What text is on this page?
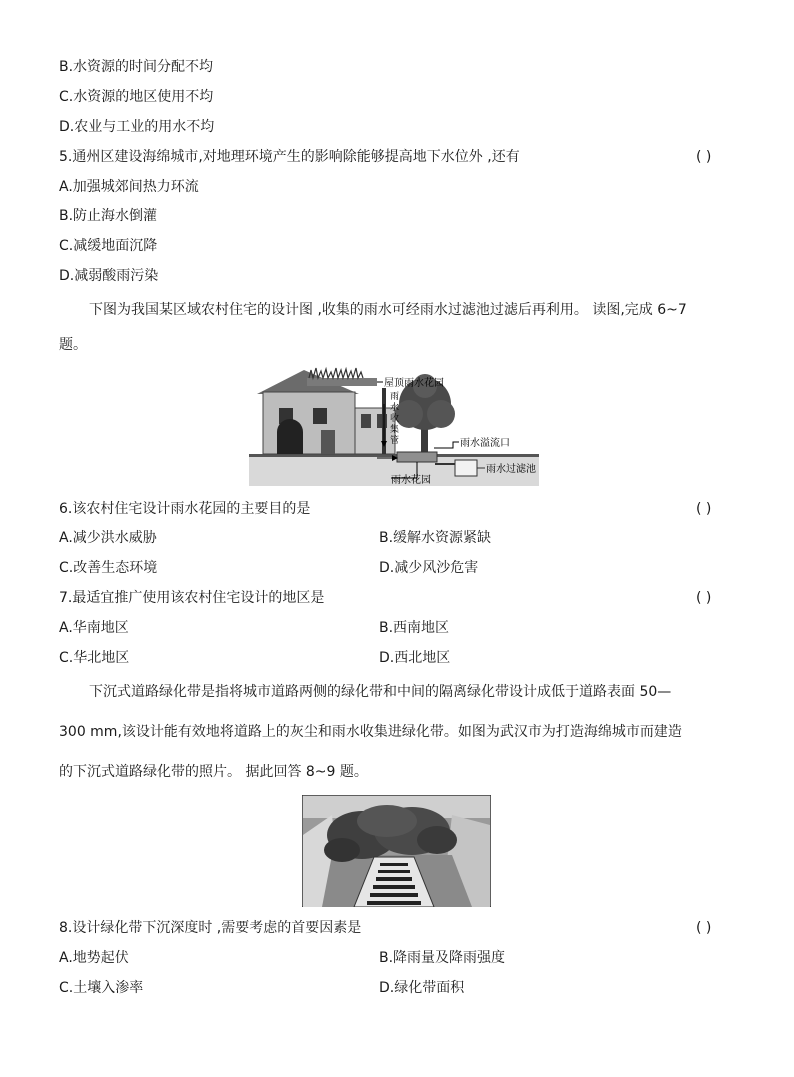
B.水资源的时间分配不均
C.水资源的地区使用不均
D.农业与工业的用水不均
5.通州区建设海绵城市,对地理环境产生的影响除能够提高地下水位外 ,还有	( )
A.加强城郊间热力环流
B.防止海水倒灌
C.减缓地面沉降
D.减弱酸雨污染
下图为我国某区域农村住宅的设计图 ,收集的雨水可经雨水过滤池过滤后再利用。 读图,完成 6~7
题。
屋顶雨水花园
雨
水
收
集
管	雨水溢流口
雨水花园
雨水过滤池
6.该农村住宅设计雨水花园的主要目的是	( )
A.减少洪水威胁	B.缓解水资源紧缺
C.改善生态环境	D.减少风沙危害
7.最适宜推广使用该农村住宅设计的地区是	( )
A.华南地区	B.西南地区
C.华北地区	D.西北地区
下沉式道路绿化带是指将城市道路两侧的绿化带和中间的隔离绿化带设计成低于道路表面 50—
300 mm,该设计能有效地将道路上的灰尘和雨水收集进绿化带。如图为武汉市为打造海绵城市而建造
的下沉式道路绿化带的照片。 据此回答 8~9 题。
8.设计绿化带下沉深度时 ,需要考虑的首要因素是	( )
A.地势起伏	B.降雨量及降雨强度
C.土壤入渗率	D.绿化带面积
